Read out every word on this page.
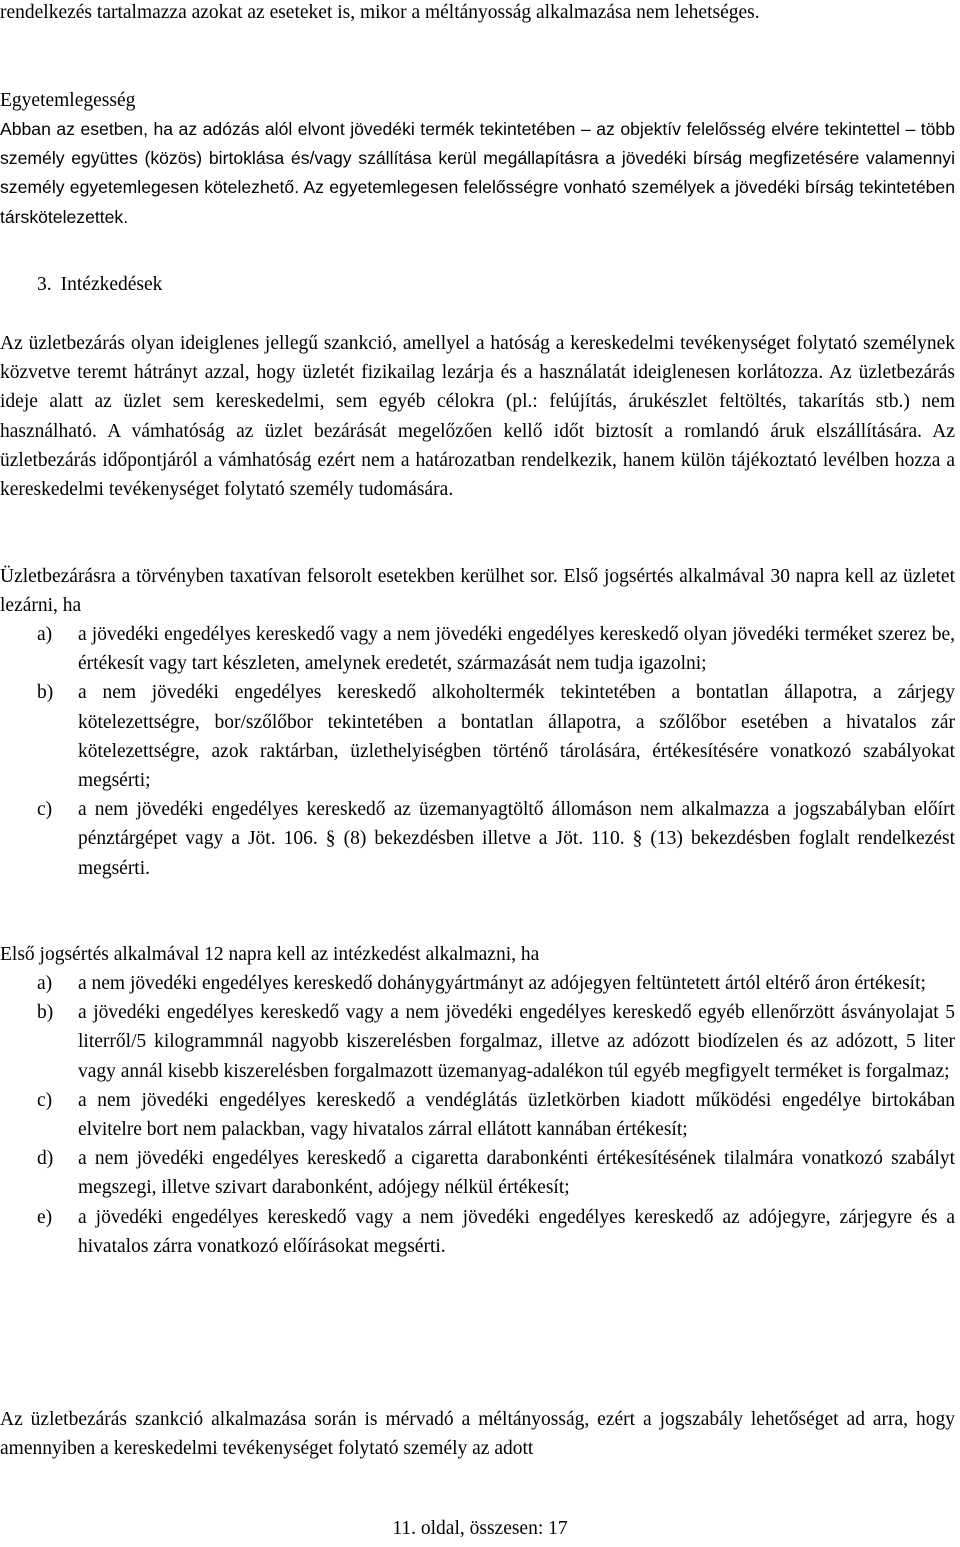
rendelkezés tartalmazza azokat az eseteket is, mikor a méltányosság alkalmazása nem lehetséges.

Egyetemlegesség

Abban az esetben, ha az adózás alól elvont jövedéki termék tekintetében – az objektív felelősség elvére tekintettel – több személy együttes (közös) birtoklása és/vagy szállítása kerül megállapításra a jövedéki bírság megfizetésére valamennyi személy egyetemlegesen kötelezhető. Az egyetemlegesen felelősségre vonható személyek a jövedéki bírság tekintetében társkötelezettek.

3. Intézkedések

Az üzletbezárás olyan ideiglenes jellegű szankció, amellyel a hatóság a kereskedelmi tevékenységet folytató személynek közvetve teremt hátrányt azzal, hogy üzletét fizikailag lezárja és a használatát ideiglenesen korlátozza. Az üzletbezárás ideje alatt az üzlet sem kereskedelmi, sem egyéb célokra (pl.: felújítás, árukészlet feltöltés, takarítás stb.) nem használható. A vámhatóság az üzlet bezárását megelőzően kellő időt biztosít a romlandó áruk elszállítására. Az üzletbezárás időpontjáról a vámhatóság ezért nem a határozatban rendelkezik, hanem külön tájékoztató levélben hozza a kereskedelmi tevékenységet folytató személy tudomására.

Üzletbezárásra a törvényben taxatívan felsorolt esetekben kerülhet sor. Első jogsértés alkalmával 30 napra kell az üzletet lezárni, ha

a)	a jövedéki engedélyes kereskedő vagy a nem jövedéki engedélyes kereskedő olyan jövedéki terméket szerez be, értékesít vagy tart készleten, amelynek eredetét, származását nem tudja igazolni;
b)	a nem jövedéki engedélyes kereskedő alkoholtermék tekintetében a bontatlan állapotra, a zárjegy kötelezettségre, bor/szőlőbor tekintetében a bontatlan állapotra, a szőlőbor esetében a hivatalos zár kötelezettségre, azok raktárban, üzlethelyiségben történő tárolására, értékesítésére vonatkozó szabályokat megsérti;
c)	a nem jövedéki engedélyes kereskedő az üzemanyagtöltő állomáson nem alkalmazza a jogszabályban előírt pénztárgépet vagy a Jöt. 106. § (8) bekezdésben illetve a Jöt. 110. § (13) bekezdésben foglalt rendelkezést megsérti.

Első jogsértés alkalmával 12 napra kell az intézkedést alkalmazni, ha

a)	a nem jövedéki engedélyes kereskedő dohánygyártmányt az adójegyen feltüntetett ártól eltérő áron értékesít;
b)	a jövedéki engedélyes kereskedő vagy a nem jövedéki engedélyes kereskedő egyéb ellenőrzött ásványolajat 5 literről/5 kilogrammnál nagyobb kiszerelésben forgalmaz, illetve az adózott biodízelen és az adózott, 5 liter vagy annál kisebb kiszerelésben forgalmazott üzemanyag-adalékon túl egyéb megfigyelt terméket is forgalmaz;
c)	a nem jövedéki engedélyes kereskedő a vendéglátás üzletkörben kiadott működési engedélye birtokában elvitelre bort nem palackban, vagy hivatalos zárral ellátott kannában értékesít;
d)	a nem jövedéki engedélyes kereskedő a cigaretta darabonkénti értékesítésének tilalmára vonatkozó szabályt megszegi, illetve szivart darabonként, adójegy nélkül értékesít;
e)	a jövedéki engedélyes kereskedő vagy a nem jövedéki engedélyes kereskedő az adójegyre, zárjegyre és a hivatalos zárra vonatkozó előírásokat megsérti.

Az üzletbezárás szankció alkalmazása során is mérvadó a méltányosság, ezért a jogszabály lehetőséget ad arra, hogy amennyiben a kereskedelmi tevékenységet folytató személy az adott

11. oldal, összesen: 17
